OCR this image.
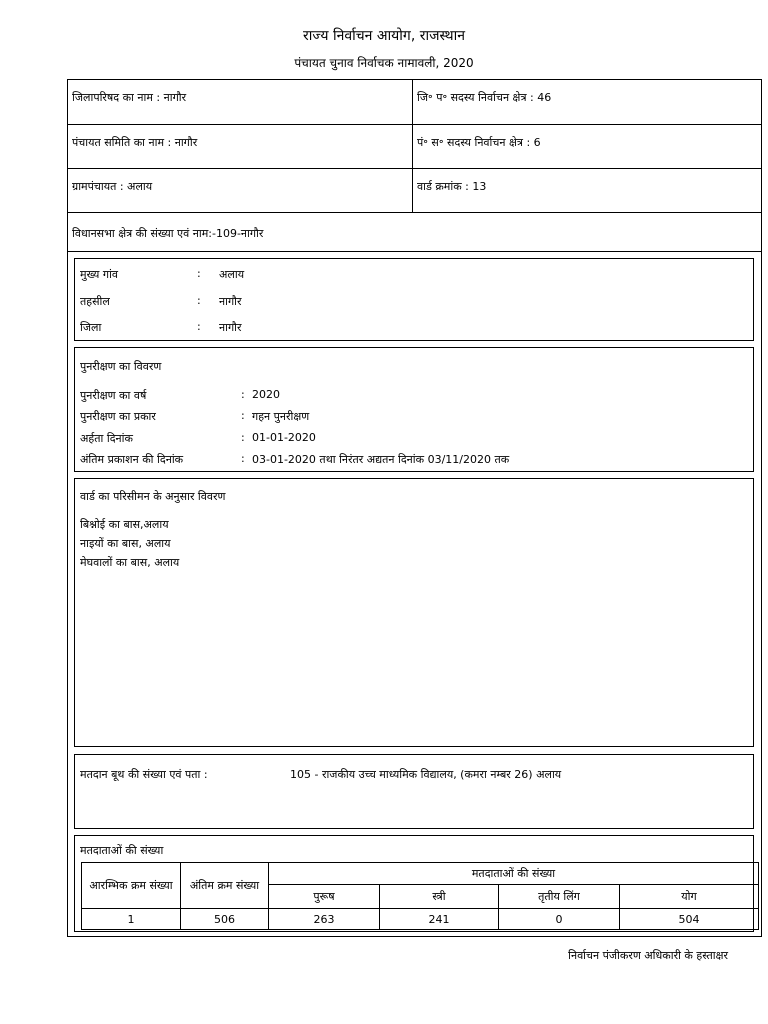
राज्य निर्वाचन आयोग, राजस्थान
पंचायत चुनाव निर्वाचक नामावली, 2020
जिलापरिषद का नाम : नागौर	जि॰ प॰ सदस्य निर्वाचन क्षेत्र : 46
पंचायत समिति का नाम : नागौर	पं॰ स॰ सदस्य निर्वाचन क्षेत्र : 6
ग्रामपंचायत : अलाय	वार्ड क्रमांक : 13
विधानसभा क्षेत्र की संख्या एवं नाम:-109-नागौर
मुख्य गांव	: अलाय
तहसील	: नागौर
जिला	: नागौर
पुनरीक्षण का विवरण
पुनरीक्षण का वर्ष	: 2020
पुनरीक्षण का प्रकार	: गहन पुनरीक्षण
अर्हता दिनांक	: 01-01-2020
अंतिम प्रकाशन की दिनांक	: 03-01-2020 तथा निरंतर अद्यतन दिनांक 03/11/2020 तक
वार्ड का परिसीमन के अनुसार विवरण
बिश्नोई का बास,अलाय
नाइयों का बास, अलाय
मेघवालों का बास, अलाय
मतदान बूथ की संख्या एवं पता :	105 - राजकीय उच्च माध्यमिक विद्यालय, (कमरा नम्बर 26) अलाय
मतदाताओं की संख्या
आरम्भिक क्रम संख्या	अंतिम क्रम संख्या	मतदाताओं की संख्या			
		पुरूष	स्त्री	तृतीय लिंग	योग
1	506	263	241	0	504
निर्वाचन पंजीकरण अधिकारी के हस्ताक्षर
